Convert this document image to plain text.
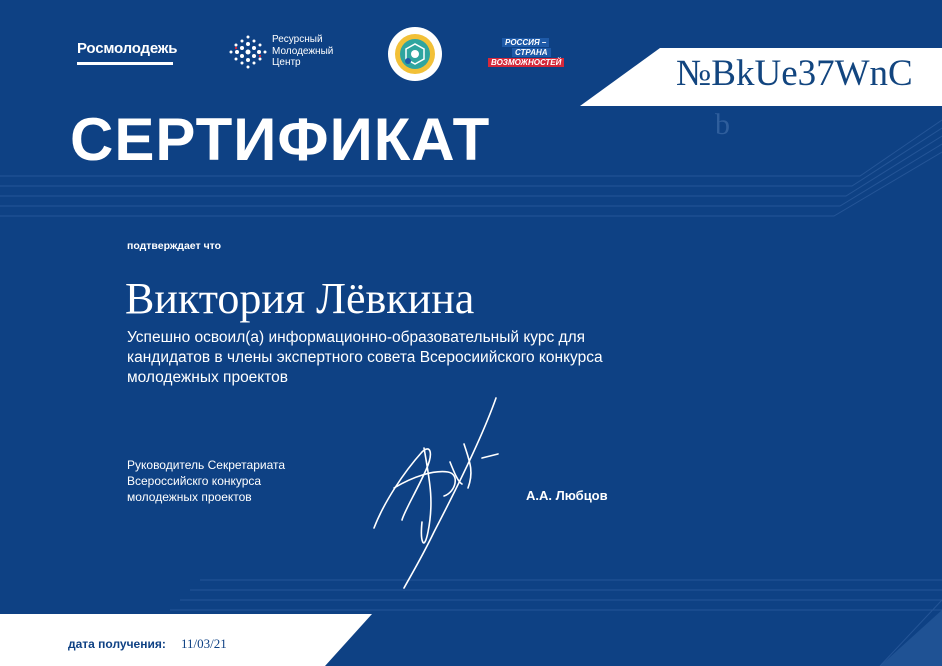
Росмолодежь
Ресурсный
Молодежный
Центр
РОССИЯ –
СТРАНА
ВОЗМОЖНОСТЕЙ	№BkUe37WnC
b
СЕРТИФИКАТ
подтверждает что
Виктория Лёвкина
Успешно освоил(а) информационно-образовательный курс для
кандидатов в члены экспертного совета Всеросиийского конкурса
молодежных проектов
Руководитель Секретариата
Всероссийскго конкурса
молодежных проектов	А.А. Любцов
дата получения: 11/03/21
